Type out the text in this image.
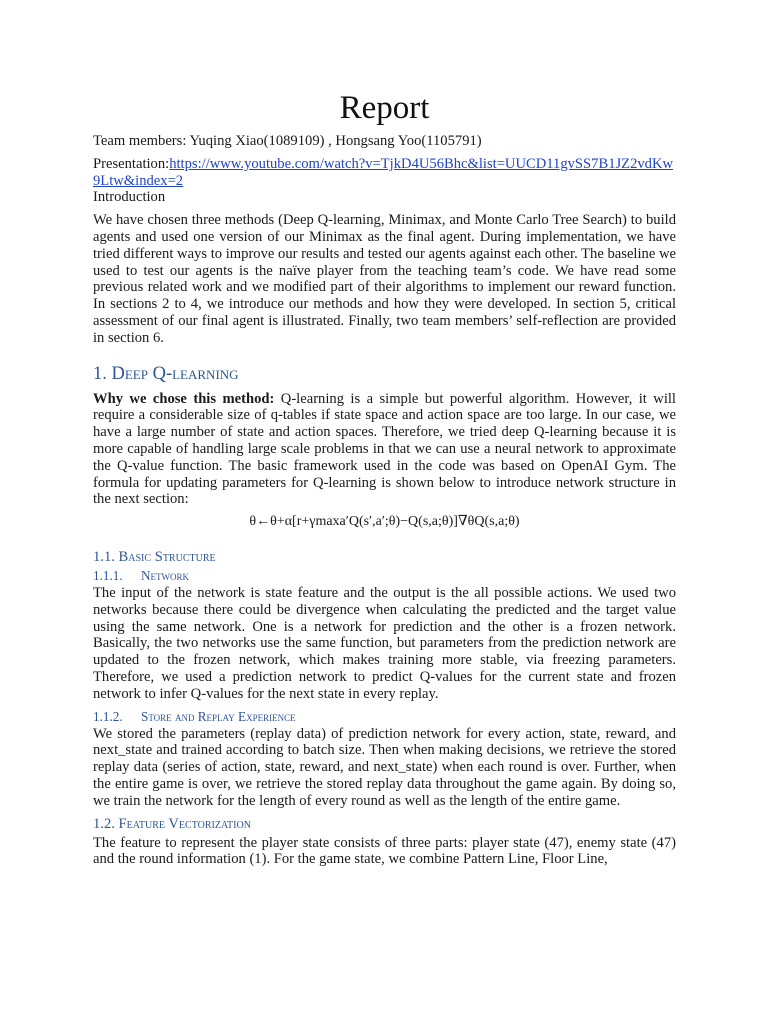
Report

Team members: Yuqing Xiao(1089109) , Hongsang Yoo(1105791)

Presentation:https://www.youtube.com/watch?v=TjkD4U56Bhc&list=UUCD11gvSS7B1JZ2vdKw9Ltw&index=2

Introduction

We have chosen three methods (Deep Q-learning, Minimax, and Monte Carlo Tree Search) to build agents and used one version of our Minimax as the final agent. During implementation, we have tried different ways to improve our results and tested our agents against each other. The baseline we used to test our agents is the naïve player from the teaching team’s code. We have read some previous related work and we modified part of their algorithms to implement our reward function. In sections 2 to 4, we introduce our methods and how they were developed. In section 5, critical assessment of our final agent is illustrated. Finally, two team members’ self-reflection are provided in section 6.

1. Deep Q-learning

Why we chose this method: Q-learning is a simple but powerful algorithm. However, it will require a considerable size of q-tables if state space and action space are too large. In our case, we have a large number of state and action spaces. Therefore, we tried deep Q-learning because it is more capable of handling large scale problems in that we can use a neural network to approximate the Q-value function. The basic framework used in the code was based on OpenAI Gym. The formula for updating parameters for Q-learning is shown below to introduce network structure in the next section:

θ←θ+α[r+γmaxa′Q(s′,a′;θ)−Q(s,a;θ)]∇θQ(s,a;θ)

1.1. Basic Structure
1.1.1. Network

The input of the network is state feature and the output is the all possible actions. We used two networks because there could be divergence when calculating the predicted and the target value using the same network. One is a network for prediction and the other is a frozen network. Basically, the two networks use the same function, but parameters from the prediction network are updated to the frozen network, which makes training more stable, via freezing parameters. Therefore, we used a prediction network to predict Q-values for the current state and frozen network to infer Q-values for the next state in every replay.

1.1.2. Store and Replay Experience

We stored the parameters (replay data) of prediction network for every action, state, reward, and next_state and trained according to batch size. Then when making decisions, we retrieve the stored replay data (series of action, state, reward, and next_state) when each round is over. Further, when the entire game is over, we retrieve the stored replay data throughout the game again. By doing so, we train the network for the length of every round as well as the length of the entire game.

1.2. Feature Vectorization

The feature to represent the player state consists of three parts: player state (47), enemy state (47) and the round information (1). For the game state, we combine Pattern Line, Floor Line,
